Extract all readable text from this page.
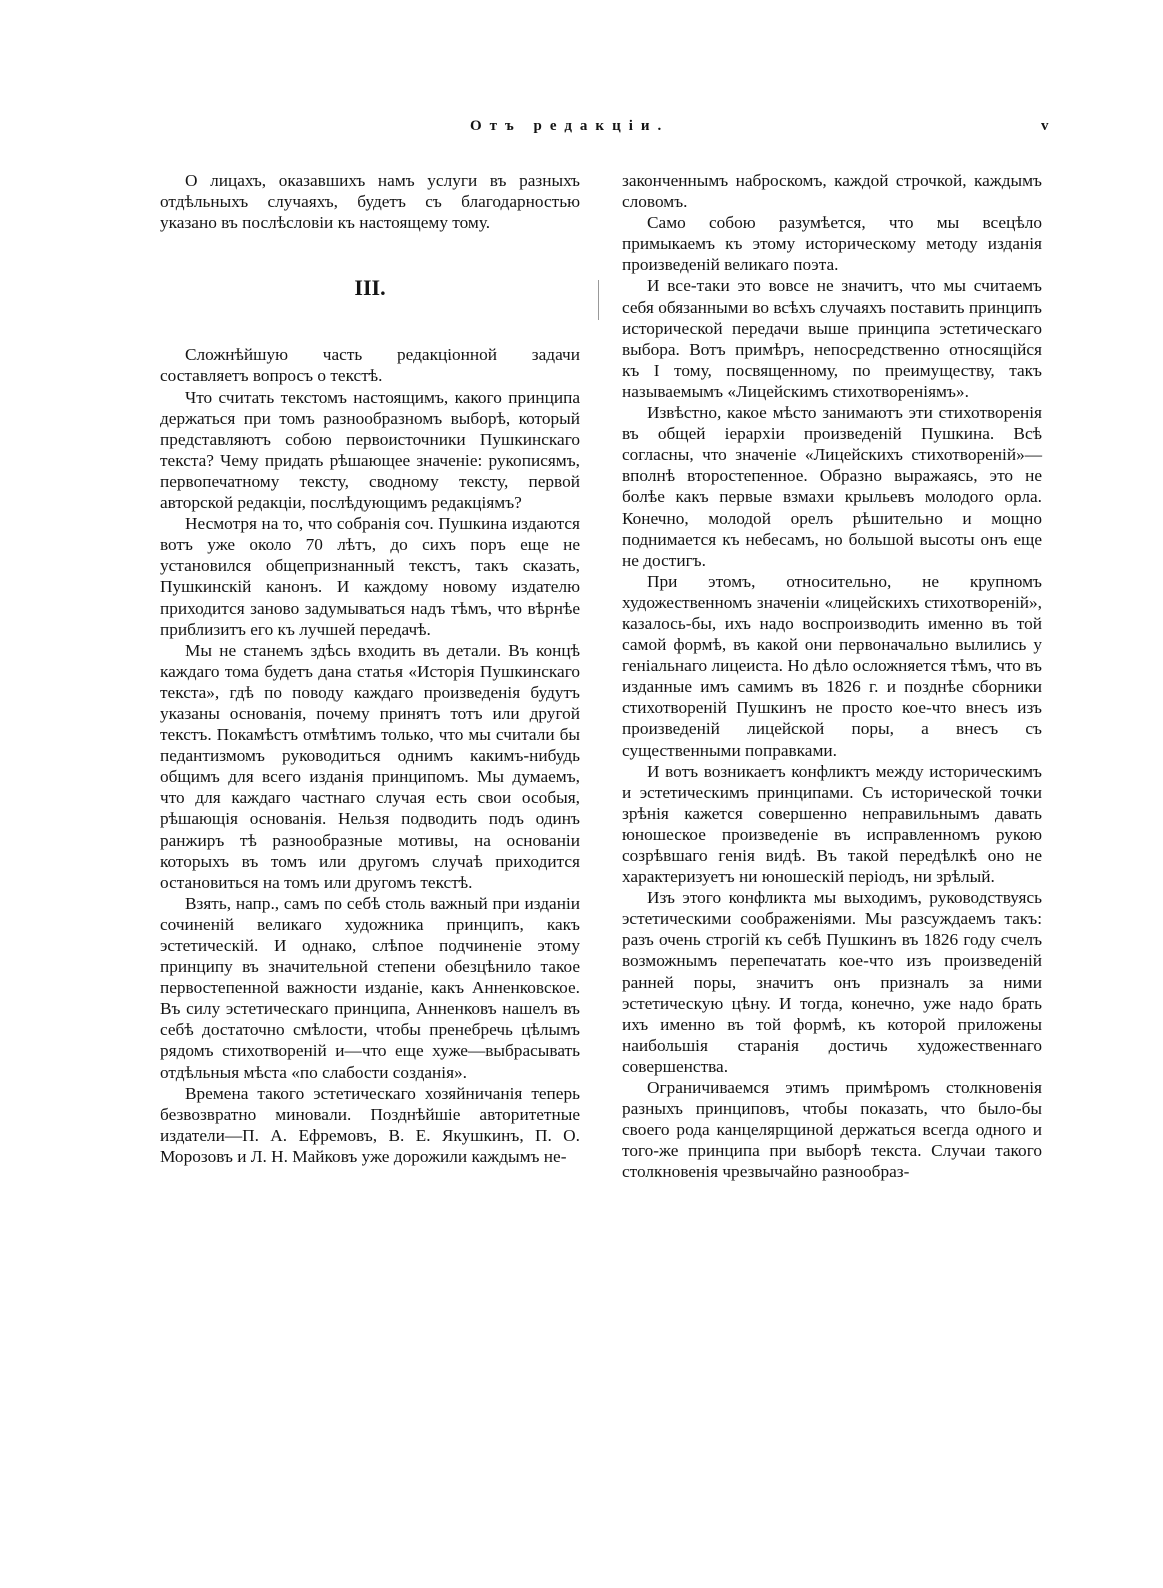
Отъ редакціи.	v

О лицахъ, оказавшихъ намъ услуги въ разныхъ отдѣльныхъ случаяхъ, будетъ съ благодарностью указано въ послѣсловіи къ настоящему тому.

III.

Сложнѣйшую часть редакціонной задачи составляетъ вопросъ о текстѣ.

Что считать текстомъ настоящимъ, какого принципа держаться при томъ разнообразномъ выборѣ, который представляютъ собою первоисточники Пушкинскаго текста? Чему придать рѣшающее значеніе: рукописямъ, первопечатному тексту, сводному тексту, первой авторской редакціи, послѣдующимъ редакціямъ?

Несмотря на то, что собранія соч. Пушкина издаются вотъ уже около 70 лѣтъ, до сихъ поръ еще не установился общепризнанный текстъ, такъ сказать, Пушкинскій канонъ. И каждому новому издателю приходится заново задумываться надъ тѣмъ, что вѣрнѣе приблизитъ его къ лучшей передачѣ.

Мы не станемъ здѣсь входить въ детали. Въ концѣ каждаго тома будетъ дана статья «Исторія Пушкинскаго текста», гдѣ по поводу каждаго произведенія будутъ указаны основанія, почему принятъ тотъ или другой текстъ. Покамѣстъ отмѣтимъ только, что мы считали бы педантизмомъ руководиться однимъ какимъ-нибудь общимъ для всего изданія принципомъ. Мы думаемъ, что для каждаго частнаго случая есть свои особыя, рѣшающія основанія. Нельзя подводить подъ одинъ ранжиръ тѣ разнообразные мотивы, на основаніи которыхъ въ томъ или другомъ случаѣ приходится остановиться на томъ или другомъ текстѣ.

Взять, напр., самъ по себѣ столь важный при изданіи сочиненій великаго художника принципъ, какъ эстетическій. И однако, слѣпое подчиненіе этому принципу въ значительной степени обезцѣнило такое первостепенной важности изданіе, какъ Анненковское. Въ силу эстетическаго принципа, Анненковъ нашелъ въ себѣ достаточно смѣлости, чтобы пренебречь цѣлымъ рядомъ стихотвореній и—что еще хуже—выбрасывать отдѣльныя мѣста «по слабости созданія».

Времена такого эстетическаго хозяйничанія теперь безвозвратно миновали. Позднѣйшіе авторитетные издатели—П. А. Ефремовъ, В. Е. Якушкинъ, П. О. Морозовъ и Л. Н. Майковъ уже дорожили каждымъ не-

законченнымъ наброскомъ, каждой строчкой, каждымъ словомъ.

Само собою разумѣется, что мы всецѣло примыкаемъ къ этому историческому методу изданія произведеній великаго поэта.

И все-таки это вовсе не значитъ, что мы считаемъ себя обязанными во всѣхъ случаяхъ поставить принципъ исторической передачи выше принципа эстетическаго выбора. Вотъ примѣръ, непосредственно относящійся къ I тому, посвященному, по преимуществу, такъ называемымъ «Лицейскимъ стихотвореніямъ».

Извѣстно, какое мѣсто занимаютъ эти стихотворенія въ общей іерархіи произведеній Пушкина. Всѣ согласны, что значеніе «Лицейскихъ стихотвореній»—вполнѣ второстепенное. Образно выражаясь, это не болѣе какъ первые взмахи крыльевъ молодого орла. Конечно, молодой орелъ рѣшительно и мощно поднимается къ небесамъ, но большой высоты онъ еще не достигъ.

При этомъ, относительно, не крупномъ художественномъ значеніи «лицейскихъ стихотвореній», казалось-бы, ихъ надо воспроизводить именно въ той самой формѣ, въ какой они первоначально вылились у геніальнаго лицеиста. Но дѣло осложняется тѣмъ, что въ изданные имъ самимъ въ 1826 г. и позднѣе сборники стихотвореній Пушкинъ не просто кое-что внесъ изъ произведеній лицейской поры, а внесъ съ существенными поправками.

И вотъ возникаетъ конфликтъ между историческимъ и эстетическимъ принципами. Съ исторической точки зрѣнія кажется совершенно неправильнымъ давать юношеское произведеніе въ исправленномъ рукою созрѣвшаго генія видѣ. Въ такой передѣлкѣ оно не характеризуетъ ни юношескій періодъ, ни зрѣлый.

Изъ этого конфликта мы выходимъ, руководствуясь эстетическими соображеніями. Мы разсуждаемъ такъ: разъ очень строгій къ себѣ Пушкинъ въ 1826 году счелъ возможнымъ перепечатать кое-что изъ произведеній ранней поры, значитъ онъ призналъ за ними эстетическую цѣну. И тогда, конечно, уже надо брать ихъ именно въ той формѣ, къ которой приложены наибольшія старанія достичь художественнаго совершенства.

Ограничиваемся этимъ примѣромъ столкновенія разныхъ принциповъ, чтобы показать, что было-бы своего рода канцелярщиной держаться всегда одного и того-же принципа при выборѣ текста. Случаи такого столкновенія чрезвычайно разнообраз-
